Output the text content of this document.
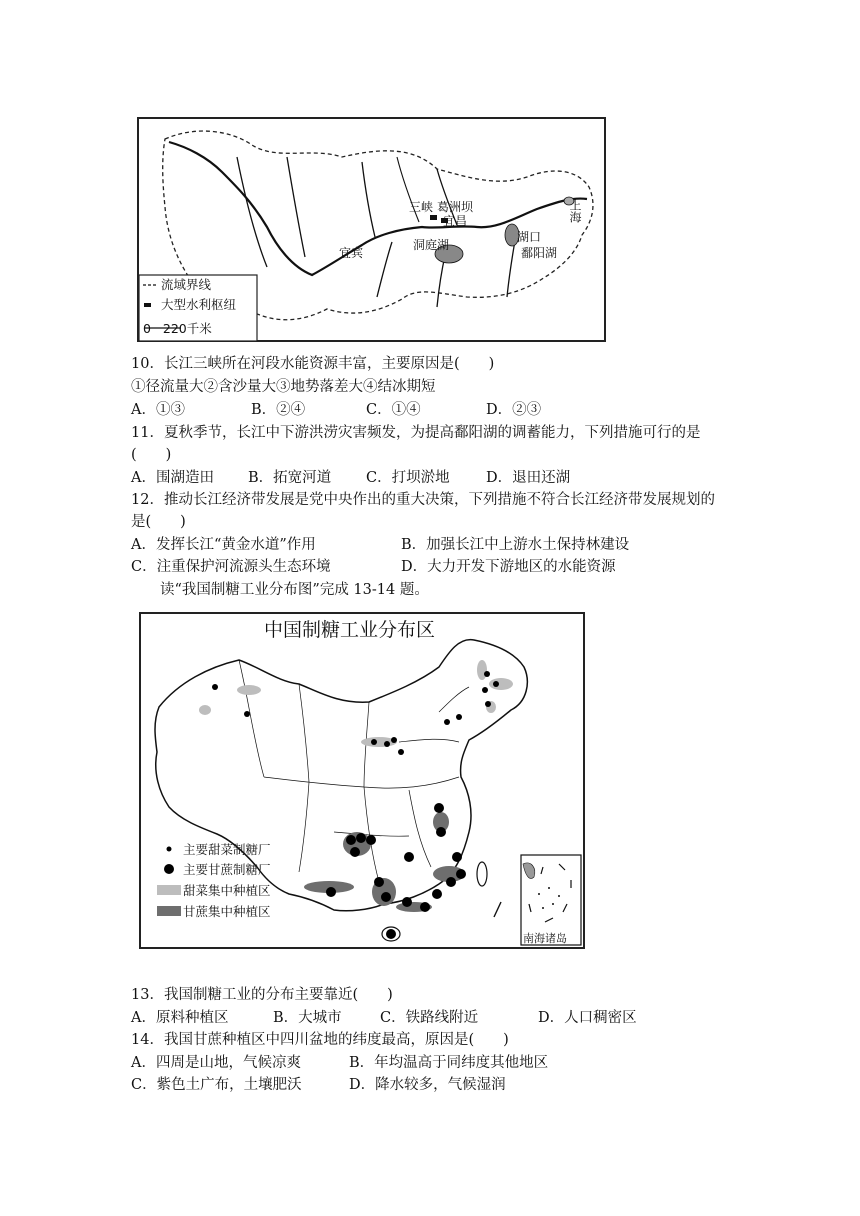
上海
三峡 葛洲坝
宜昌
宜宾
洞庭湖
湖口
鄱阳湖
流域界线
大型水利枢纽
0   220千米
10．长江三峡所在河段水能资源丰富，主要原因是(　　)
①径流量大②含沙量大③地势落差大④结冰期短
A．①③	B．②④	C．①④	D．②③
11．夏秋季节，长江中下游洪涝灾害频发，为提高鄱阳湖的调蓄能力，下列措施可行的是
(　　)
A．围湖造田 B．拓宽河道 C．打坝淤地	D．退田还湖
12．推动长江经济带发展是党中央作出的重大决策，下列措施不符合长江经济带发展规划的
是(　　)
A．发挥长江“黄金水道”作用	B．加强长江中上游水土保持林建设
C．注重保护河流源头生态环境	D．大力开发下游地区的水能资源
读“我国制糖工业分布图”完成 13-14 题。
中国制糖工业分布区
主要甜菜制糖厂
主要甘蔗制糖厂
甜菜集中种植区
甘蔗集中种植区
南海诸岛
13．我国制糖工业的分布主要靠近(　　)
A．原料种植区	B．大城市	C．铁路线附近	D．人口稠密区
14．我国甘蔗种植区中四川盆地的纬度最高，原因是(　　)
A．四周是山地，气候凉爽	B．年均温高于同纬度其他地区
C．紫色土广布，土壤肥沃	D．降水较多，气候湿润
